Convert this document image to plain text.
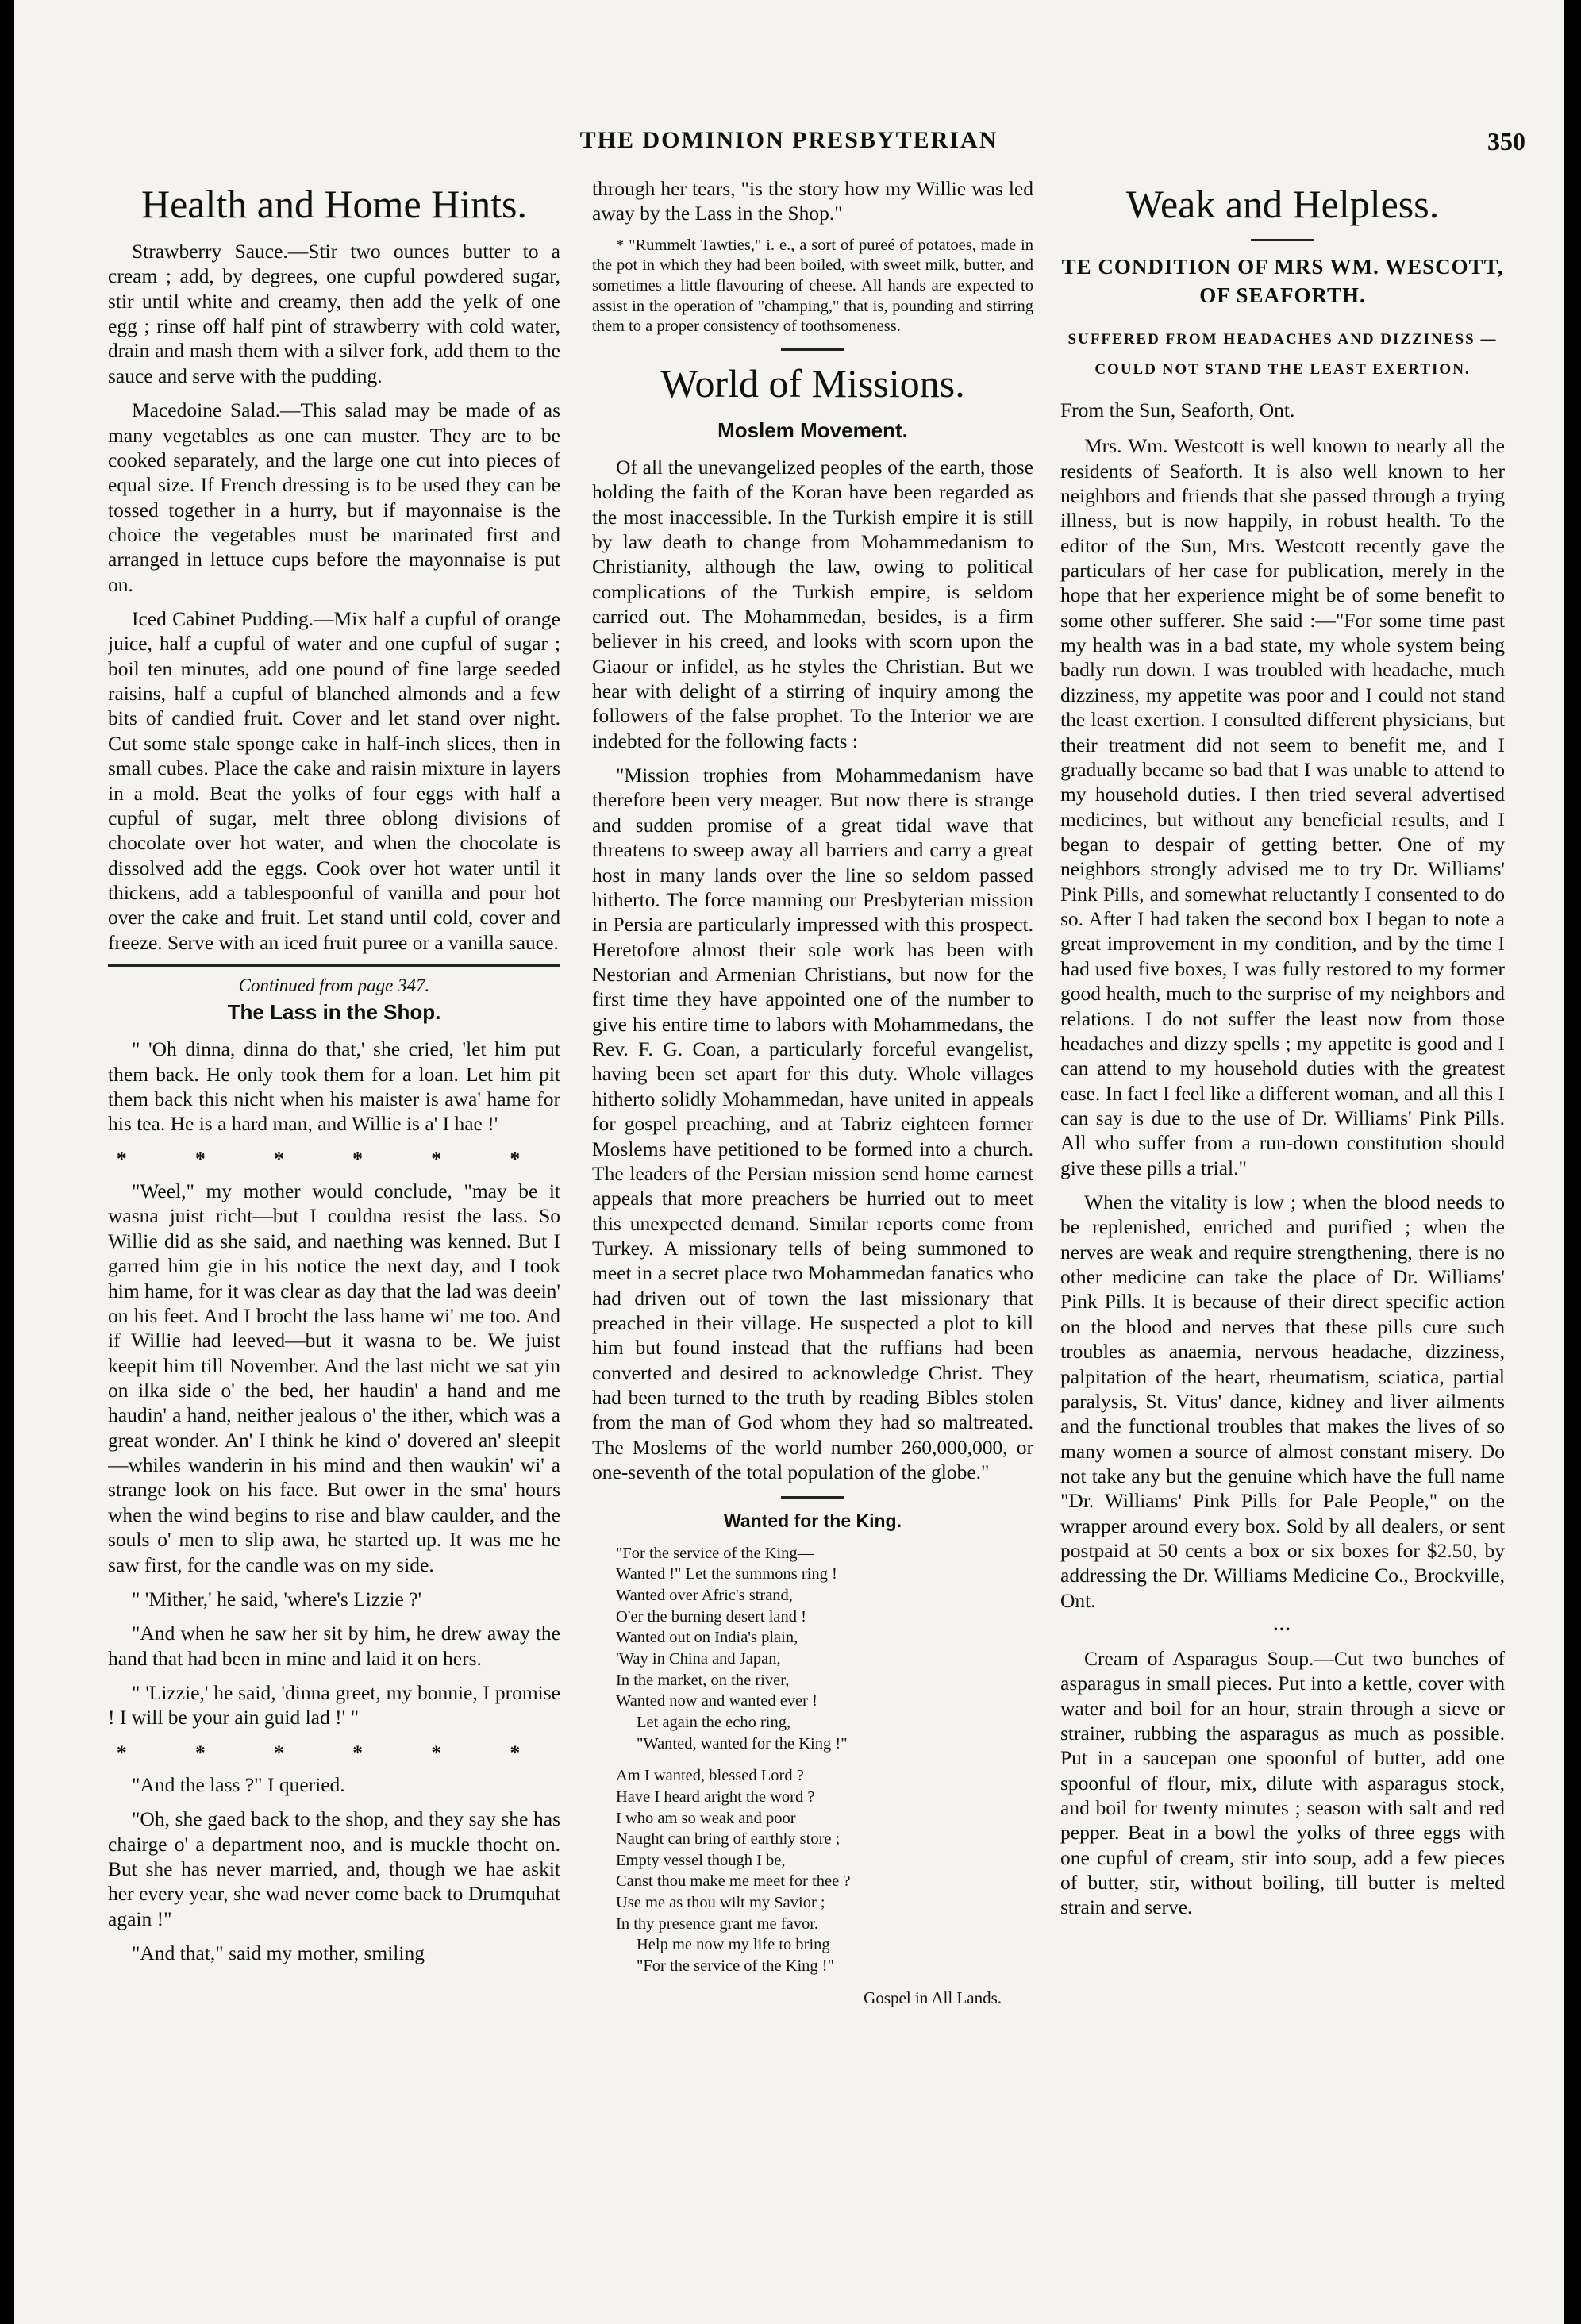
THE DOMINION PRESBYTERIAN	350
Health and Home Hints.

Strawberry Sauce.—Stir two ounces butter to a cream ; add, by degrees, one cupful powdered sugar, stir until white and creamy, then add the yelk of one egg ; rinse off half pint of strawberry with cold water, drain and mash them with a silver fork, add them to the sauce and serve with the pudding.

Macedoine Salad.—This salad may be made of as many vegetables as one can muster. They are to be cooked separately, and the large one cut into pieces of equal size. If French dressing is to be used they can be tossed together in a hurry, but if mayonnaise is the choice the vegetables must be marinated first and arranged in lettuce cups before the mayonnaise is put on.

Iced Cabinet Pudding.—Mix half a cupful of orange juice, half a cupful of water and one cupful of sugar ; boil ten minutes, add one pound of fine large seeded raisins, half a cupful of blanched almonds and a few bits of candied fruit. Cover and let stand over night. Cut some stale sponge cake in half-inch slices, then in small cubes. Place the cake and raisin mixture in layers in a mold. Beat the yolks of four eggs with half a cupful of sugar, melt three oblong divisions of chocolate over hot water, and when the chocolate is dissolved add the eggs. Cook over hot water until it thickens, add a tablespoonful of vanilla and pour hot over the cake and fruit. Let stand until cold, cover and freeze. Serve with an iced fruit puree or a vanilla sauce.

Continued from page 347.
The Lass in the Shop.

" 'Oh dinna, dinna do that,' she cried, 'let him put them back. He only took them for a loan. Let him pit them back this nicht when his maister is awa' hame for his tea. He is a hard man, and Willie is a' I hae !'

* * * * * *

"Weel," my mother would conclude, "may be it wasna juist richt—but I couldna resist the lass. So Willie did as she said, and naething was kenned. But I garred him gie in his notice the next day, and I took him hame, for it was clear as day that the lad was deein' on his feet. And I brocht the lass hame wi' me too. And if Willie had leeved—but it wasna to be. We juist keepit him till November. And the last nicht we sat yin on ilka side o' the bed, her haudin' a hand and me haudin' a hand, neither jealous o' the ither, which was a great wonder. An' I think he kind o' dovered an' sleepit—whiles wanderin in his mind and then waukin' wi' a strange look on his face. But ower in the sma' hours when the wind begins to rise and blaw caulder, and the souls o' men to slip awa, he started up. It was me he saw first, for the candle was on my side.

" 'Mither,' he said, 'where's Lizzie ?'

"And when he saw her sit by him, he drew away the hand that had been in mine and laid it on hers.

" 'Lizzie,' he said, 'dinna greet, my bonnie, I promise ! I will be your ain guid lad !' "

* * * * * *

"And the lass ?" I queried.

"Oh, she gaed back to the shop, and they say she has chairge o' a department noo, and is muckle thocht on. But she has never married, and, though we hae askit her every year, she wad never come back to Drumquhat again !"

"And that," said my mother, smiling

through her tears, "is the story how my Willie was led away by the Lass in the Shop."

* "Rummelt Tawties," i. e., a sort of pureé of potatoes, made in the pot in which they had been boiled, with sweet milk, butter, and sometimes a little flavouring of cheese. All hands are expected to assist in the operation of "champing," that is, pounding and stirring them to a proper consistency of toothsomeness.
World of Missions.
Moslem Movement.

Of all the unevangelized peoples of the earth, those holding the faith of the Koran have been regarded as the most inaccessible. In the Turkish empire it is still by law death to change from Mohammedanism to Christianity, although the law, owing to political complications of the Turkish empire, is seldom carried out. The Mohammedan, besides, is a firm believer in his creed, and looks with scorn upon the Giaour or infidel, as he styles the Christian. But we hear with delight of a stirring of inquiry among the followers of the false prophet. To the Interior we are indebted for the following facts :

"Mission trophies from Mohammedanism have therefore been very meager. But now there is strange and sudden promise of a great tidal wave that threatens to sweep away all barriers and carry a great host in many lands over the line so seldom passed hitherto. The force manning our Presbyterian mission in Persia are particularly impressed with this prospect. Heretofore almost their sole work has been with Nestorian and Armenian Christians, but now for the first time they have appointed one of the number to give his entire time to labors with Mohammedans, the Rev. F. G. Coan, a particularly forceful evangelist, having been set apart for this duty. Whole villages hitherto solidly Mohammedan, have united in appeals for gospel preaching, and at Tabriz eighteen former Moslems have petitioned to be formed into a church. The leaders of the Persian mission send home earnest appeals that more preachers be hurried out to meet this unexpected demand. Similar reports come from Turkey. A missionary tells of being summoned to meet in a secret place two Mohammedan fanatics who had driven out of town the last missionary that preached in their village. He suspected a plot to kill him but found instead that the ruffians had been converted and desired to acknowledge Christ. They had been turned to the truth by reading Bibles stolen from the man of God whom they had so maltreated. The Moslems of the world number 260,000,000, or one-seventh of the total population of the globe."

Wanted for the King.
"For the service of the King—
Wanted !" Let the summons ring !
Wanted over Afric's strand,
O'er the burning desert land !
Wanted out on India's plain,
'Way in China and Japan,
In the market, on the river,
Wanted now and wanted ever !
Let again the echo ring,
"Wanted, wanted for the King !"
Am I wanted, blessed Lord ?
Have I heard aright the word ?
I who am so weak and poor
Naught can bring of earthly store ;
Empty vessel though I be,
Canst thou make me meet for thee ?
Use me as thou wilt my Savior ;
In thy presence grant me favor.
Help me now my life to bring
"For the service of the King !"
Gospel in All Lands.
Weak and Helpless.
TE CONDITION OF MRS WM. WESCOTT, OF SEAFORTH.
SUFFERED FROM HEADACHES AND DIZZINESS —COULD NOT STAND THE LEAST EXERTION.
From the Sun, Seaforth, Ont.

Mrs. Wm. Westcott is well known to nearly all the residents of Seaforth. It is also well known to her neighbors and friends that she passed through a trying illness, but is now happily, in robust health. To the editor of the Sun, Mrs. Westcott recently gave the particulars of her case for publication, merely in the hope that her experience might be of some benefit to some other sufferer. She said :—"For some time past my health was in a bad state, my whole system being badly run down. I was troubled with headache, much dizziness, my appetite was poor and I could not stand the least exertion. I consulted different physicians, but their treatment did not seem to benefit me, and I gradually became so bad that I was unable to attend to my household duties. I then tried several advertised medicines, but without any beneficial results, and I began to despair of getting better. One of my neighbors strongly advised me to try Dr. Williams' Pink Pills, and somewhat reluctantly I consented to do so. After I had taken the second box I began to note a great improvement in my condition, and by the time I had used five boxes, I was fully restored to my former good health, much to the surprise of my neighbors and relations. I do not suffer the least now from those headaches and dizzy spells ; my appetite is good and I can attend to my household duties with the greatest ease. In fact I feel like a different woman, and all this I can say is due to the use of Dr. Williams' Pink Pills. All who suffer from a run-down constitution should give these pills a trial."

When the vitality is low ; when the blood needs to be replenished, enriched and purified ; when the nerves are weak and require strengthening, there is no other medicine can take the place of Dr. Williams' Pink Pills. It is because of their direct specific action on the blood and nerves that these pills cure such troubles as anaemia, nervous headache, dizziness, palpitation of the heart, rheumatism, sciatica, partial paralysis, St. Vitus' dance, kidney and liver ailments and the functional troubles that makes the lives of so many women a source of almost constant misery. Do not take any but the genuine which have the full name "Dr. Williams' Pink Pills for Pale People," on the wrapper around every box. Sold by all dealers, or sent postpaid at 50 cents a box or six boxes for $2.50, by addressing the Dr. Williams Medicine Co., Brockville, Ont.

•••

Cream of Asparagus Soup.—Cut two bunches of asparagus in small pieces. Put into a kettle, cover with water and boil for an hour, strain through a sieve or strainer, rubbing the asparagus as much as possible. Put in a saucepan one spoonful of butter, add one spoonful of flour, mix, dilute with asparagus stock, and boil for twenty minutes ; season with salt and red pepper. Beat in a bowl the yolks of three eggs with one cupful of cream, stir into soup, add a few pieces of butter, stir, without boiling, till butter is melted strain and serve.
